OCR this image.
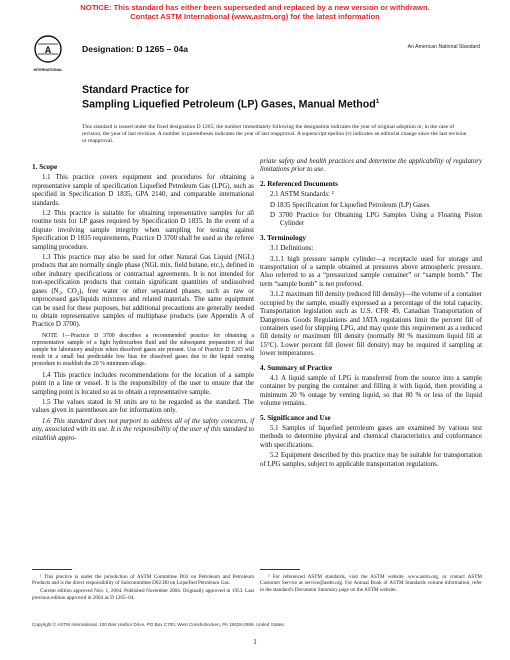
NOTICE: This standard has either been superseded and replaced by a new version or withdrawn.
Contact ASTM International (www.astm.org) for the latest information
A
INTERNATIONAL
Designation: D 1265 – 04a	An American National Standard
Standard Practice for
Sampling Liquefied Petroleum (LP) Gases, Manual Method$^1$
This standard is issued under the fixed designation D 1265; the number immediately following the designation indicates the year of original adoption or, in the case of revision, the year of last revision. A number in parentheses indicates the year of last reapproval. A superscript epsilon (ε) indicates an editorial change since the last revision or reapproval.
1. Scope

1.1 This practice covers equipment and procedures for obtaining a representative sample of specification Liquefied Petroleum Gas (LPG), such as specified in Specification D 1835, GPA 2140, and comparable international standards.

1.2 This practice is suitable for obtaining representative samples for all routine tests for LP gases required by Specification D 1835. In the event of a dispute involving sample integrity when sampling for testing against Specification D 1835 requirements, Practice D 3700 shall be used as the referee sampling procedure.

1.3 This practice may also be used for other Natural Gas Liquid (NGL) products that are normally single phase (NGL mix, field butane, etc.), defined in other industry specifications or contractual agreements. It is not intended for non-specification products that contain significant quantities of undissolved gases (N₂, CO₂), free water or other separated phases, such as raw or unprocessed gas/liquids mixtures and related materials. The same equipment can be used for these purposes, but additional precautions are generally needed to obtain representative samples of multiphase products (see Appendix A of Practice D 3700).

NOTE 1—Practice D 3700 describes a recommended practice for obtaining a representative sample of a light hydrocarbon fluid and the subsequent preparation of that sample for laboratory analysis when dissolved gases are present. Use of Practice D 1265 will result in a small but predictable low bias for dissolved gases due to the liquid venting procedure to establish the 20 % minimum ullage.

1.4 This practice includes recommendations for the location of a sample point in a line or vessel. It is the responsibility of the user to ensure that the sampling point is located so as to obtain a representative sample.

1.5 The values stated in SI units are to be regarded as the standard. The values given in parentheses are for information only.

1.6 This standard does not purport to address all of the safety concerns, if any, associated with its use. It is the responsibility of the user of this standard to establish appro-

priate safety and health practices and determine the applicability of regulatory limitations prior to use.

2. Referenced Documents

2.1 ASTM Standards: ²

D 1835 Specification for Liquefied Petroleum (LP) Gases

D 3700 Practice for Obtaining LPG Samples Using a Floating Piston Cylinder

3. Terminology

3.1 Definitions:

3.1.1 high pressure sample cylinder—a receptacle used for storage and transportation of a sample obtained at pressures above atmospheric pressure. Also referred to as a “pressurized sample container” or “sample bomb.” The term “sample bomb” is not preferred.

3.1.2 maximum fill density (reduced fill density)—the volume of a container occupied by the sample, usually expressed as a percentage of the total capacity. Transportation legislation such as U.S. CFR 49, Canadian Transportation of Dangerous Goods Regulations and IATA regulations limit the percent fill of containers used for shipping LPG, and may quote this requirement as a reduced fill density or maximum fill density (normally 80 % maximum liquid fill at 15°C). Lower percent fill (lower fill density) may be required if sampling at lower temperatures.

4. Summary of Practice

4.1 A liquid sample of LPG is transferred from the source into a sample container by purging the container and filling it with liquid, then providing a minimum 20 % outage by venting liquid, so that 80 % or less of the liquid volume remains.

5. Significance and Use

5.1 Samples of liquefied petroleum gases are examined by various test methods to determine physical and chemical characteristics and conformance with specifications.

5.2 Equipment described by this practice may be suitable for transportation of LPG samples, subject to applicable transportation regulations.

¹ This practice is under the jurisdiction of ASTM Committee D02 on Petroleum and Petroleum Products and is the direct responsibility of Subcommittee D02.H0 on Liquefied Petroleum Gas.

Current edition approved Nov. 1, 2004. Published November 2004. Originally approved in 1953. Last previous edition approved in 2004 as D 1265–04.

² For referenced ASTM standards, visit the ASTM website, www.astm.org, or contact ASTM Customer Service at service@astm.org. For Annual Book of ASTM Standards volume information, refer to the standard's Document Summary page on the ASTM website.

Copyright © ASTM International, 100 Barr Harbor Drive, PO Box C700, West Conshohocken, PA 19428-2959, United States.
1
